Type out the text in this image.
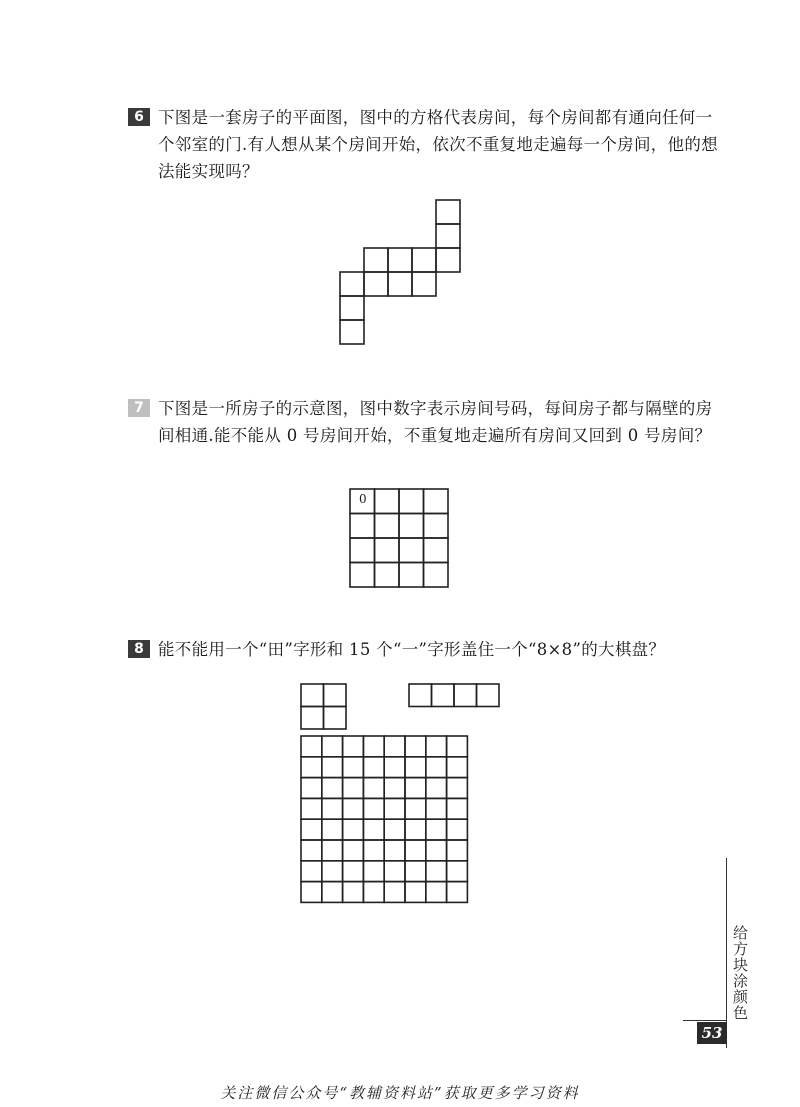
6 下图是一套房子的平面图，图中的方格代表房间，每个房间都有通向任何一个邻室的门.有人想从某个房间开始，依次不重复地走遍每一个房间，他的想法能实现吗？
7 下图是一所房子的示意图，图中数字表示房间号码，每间房子都与隔壁的房间相通.能不能从 0 号房间开始，不重复地走遍所有房间又回到 0 号房间？
0
8 能不能用一个“田”字形和 15 个“一”字形盖住一个“8×8”的大棋盘？
给方块涂颜色
53
关注微信公众号“教辅资料站”获取更多学习资料
